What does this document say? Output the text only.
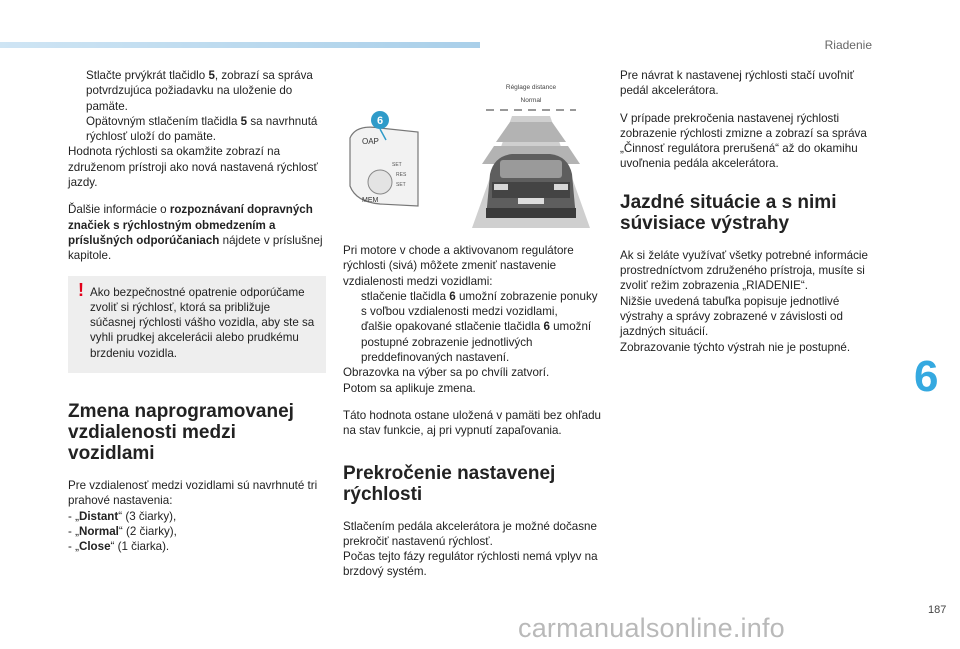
Riadenie
Stlačte prvýkrát tlačidlo 5, zobrazí sa správa potvrdzujúca požiadavku na uloženie do pamäte.
Opätovným stlačením tlačidla 5 sa navrhnutá rýchlosť uloží do pamäte.

Hodnota rýchlosti sa okamžite zobrazí na združenom prístroji ako nová nastavená rýchlosť jazdy.

Ďalšie informácie o rozpoznávaní dopravných značiek s rýchlostným obmedzením a príslušných odporúčaniach nájdete v príslušnej kapitole.

! Ako bezpečnostné opatrenie odporúčame zvoliť si rýchlosť, ktorá sa približuje súčasnej rýchlosti vášho vozidla, aby ste sa vyhli prudkej akcelerácii alebo prudkému brzdeniu vozidla.
Zmena naprogramovanej vzdialenosti medzi vozidlami

Pre vzdialenosť medzi vozidlami sú navrhnuté tri prahové nastavenia:

- „Distant“ (3 čiarky),
- „Normal“ (2 čiarky),
- „Close“ (1 čiarka).
OAP
SET
RES
SET
MEM
6
Réglage distance
Normal

Pri motore v chode a aktivovanom regulátore rýchlosti (sivá) môžete zmeniť nastavenie vzdialenosti medzi vozidlami:

stlačenie tlačidla 6 umožní zobrazenie ponuky s voľbou vzdialenosti medzi vozidlami,
ďalšie opakované stlačenie tlačidla 6 umožní postupné zobrazenie jednotlivých preddefinovaných nastavení.

Obrazovka na výber sa po chvíli zatvorí.

Potom sa aplikuje zmena.

Táto hodnota ostane uložená v pamäti bez ohľadu na stav funkcie, aj pri vypnutí zapaľovania.

Prekročenie nastavenej rýchlosti

Stlačením pedála akcelerátora je možné dočasne prekročiť nastavenú rýchlosť.

Počas tejto fázy regulátor rýchlosti nemá vplyv na brzdový systém.

Pre návrat k nastavenej rýchlosti stačí uvoľniť pedál akcelerátora.

V prípade prekročenia nastavenej rýchlosti zobrazenie rýchlosti zmizne a zobrazí sa správa „Činnosť regulátora prerušená“ až do okamihu uvoľnenia pedála akcelerátora.

Jazdné situácie a s nimi súvisiace výstrahy

Ak si želáte využívať všetky potrebné informácie prostredníctvom združeného prístroja, musíte si zvoliť režim zobrazenia „RIADENIE“.

Nižšie uvedená tabuľka popisuje jednotlivé výstrahy a správy zobrazené v závislosti od jazdných situácií.

Zobrazovanie týchto výstrah nie je postupné.

6
187
carmanualsonline.info
